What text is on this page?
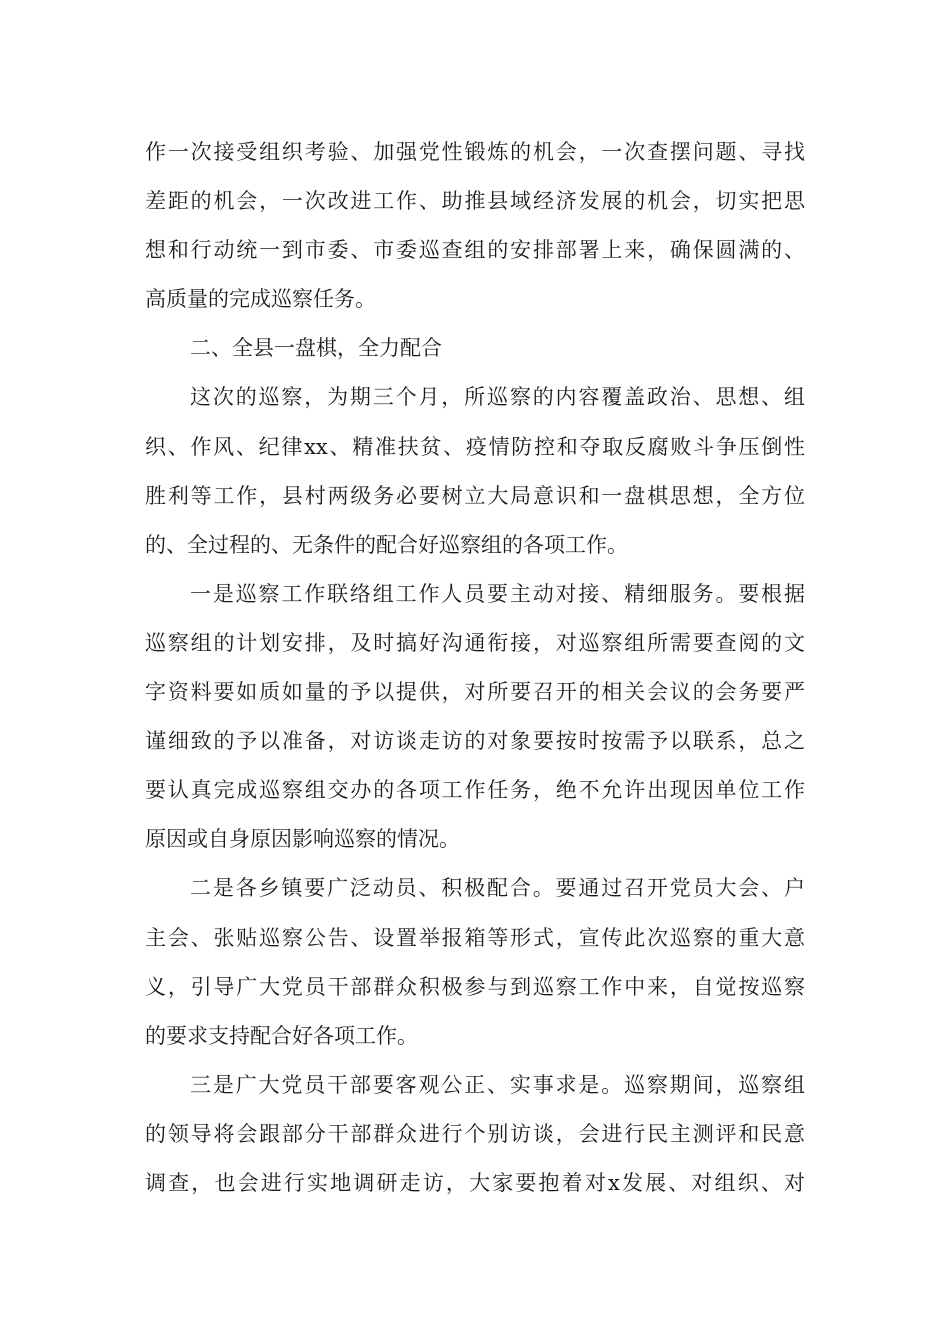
作一次接受组织考验、加强党性锻炼的机会，一次查摆问题、寻找
差距的机会，一次改进工作、助推县域经济发展的机会，切实把思
想和行动统一到市委、市委巡查组的安排部署上来，确保圆满的、
高质量的完成巡察任务。
二、全县一盘棋，全力配合
这次的巡察，为期三个月，所巡察的内容覆盖政治、思想、组
织、作风、纪律xx、精准扶贫、疫情防控和夺取反腐败斗争压倒性
胜利等工作，县村两级务必要树立大局意识和一盘棋思想，全方位
的、全过程的、无条件的配合好巡察组的各项工作。
一是巡察工作联络组工作人员要主动对接、精细服务。要根据
巡察组的计划安排，及时搞好沟通衔接，对巡察组所需要查阅的文
字资料要如质如量的予以提供，对所要召开的相关会议的会务要严
谨细致的予以准备，对访谈走访的对象要按时按需予以联系，总之
要认真完成巡察组交办的各项工作任务，绝不允许出现因单位工作
原因或自身原因影响巡察的情况。
二是各乡镇要广泛动员、积极配合。要通过召开党员大会、户
主会、张贴巡察公告、设置举报箱等形式，宣传此次巡察的重大意
义，引导广大党员干部群众积极参与到巡察工作中来，自觉按巡察
的要求支持配合好各项工作。
三是广大党员干部要客观公正、实事求是。巡察期间，巡察组
的领导将会跟部分干部群众进行个别访谈，会进行民主测评和民意
调查，也会进行实地调研走访，大家要抱着对x发展、对组织、对
